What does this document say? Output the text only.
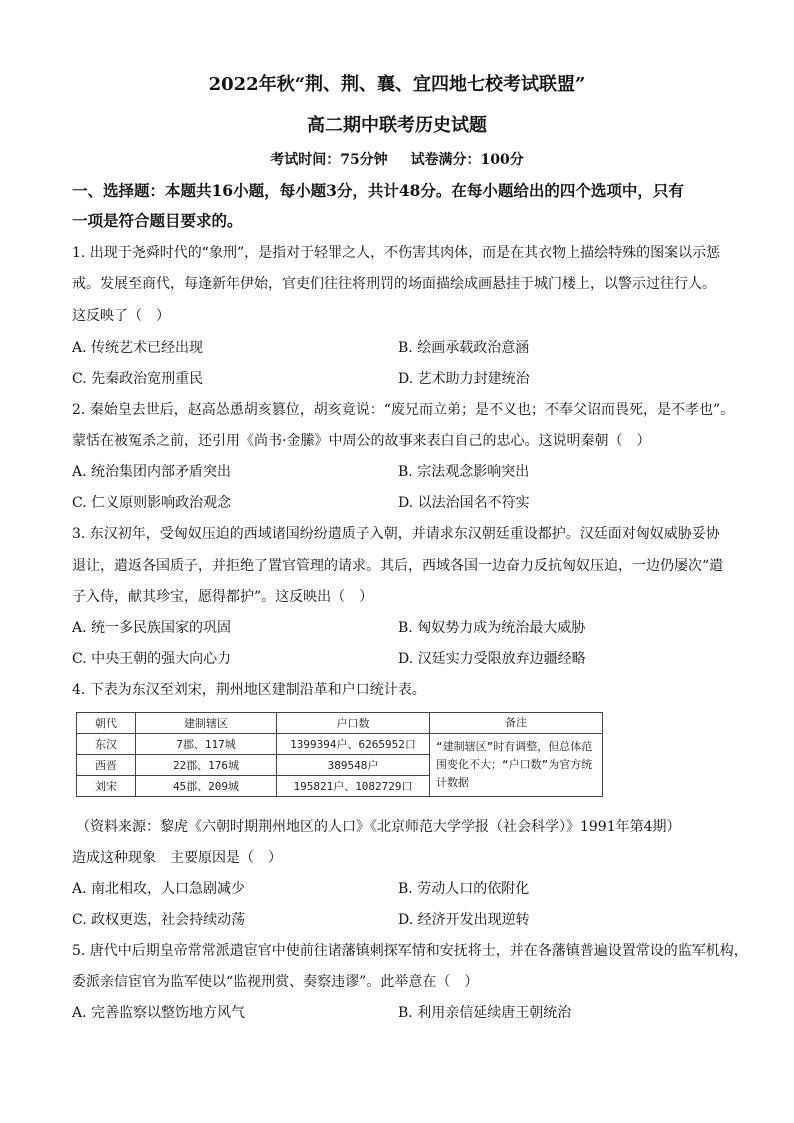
2022年秋“荆、荆、襄、宜四地七校考试联盟”
高二期中联考历史试题
考试时间：75分钟 试卷满分：100分
一、选择题：本题共16小题，每小题3分，共计48分。在每小题给出的四个选项中，只有
一项是符合题目要求的。
1. 出现于尧舜时代的“象刑”，是指对于轻罪之人，不伤害其肉体，而是在其衣物上描绘特殊的图案以示惩
戒。发展至商代，每逢新年伊始，官吏们往往将刑罚的场面描绘成画悬挂于城门楼上，以警示过往行人。
这反映了（　）
A. 传统艺术已经出现	B. 绘画承载政治意涵
C. 先秦政治宽刑重民	D. 艺术助力封建统治
2. 秦始皇去世后，赵高怂恿胡亥篡位，胡亥竟说：“废兄而立弟；是不义也；不奉父诏而畏死，是不孝也”。
蒙恬在被冤杀之前，还引用《尚书·金縢》中周公的故事来表白自己的忠心。这说明秦朝（　）
A. 统治集团内部矛盾突出	B. 宗法观念影响突出
C. 仁义原则影响政治观念	D. 以法治国名不符实
3. 东汉初年，受匈奴压迫的西域诸国纷纷遣质子入朝，并请求东汉朝廷重设都护。汉廷面对匈奴威胁妥协
退让，遣返各国质子，并拒绝了置官管理的请求。其后，西域各国一边奋力反抗匈奴压迫，一边仍屡次“遣
子入侍，献其珍宝，愿得都护”。这反映出（　）
A. 统一多民族国家的巩固	B. 匈奴势力成为统治最大威胁
C. 中央王朝的强大向心力	D. 汉廷实力受限放弃边疆经略
4. 下表为东汉至刘宋，荆州地区建制沿革和户口统计表。
朝代	建制辖区	户口数	备注
东汉	7郡、117城	1399394户、6265952口	“建制辖区”时有调整，但总体范围变化不大；“户口数”为官方统计数据
西晋	22郡、176城	389548户	
刘宋	45郡、209城	195821户、1082729口	
（资料来源：黎虎《六朝时期荆州地区的人口》《北京师范大学学报（社会科学）》1991年第4期）
造成这种现象　主要原因是（　）
A. 南北相攻，人口急剧减少	B. 劳动人口的依附化
C. 政权更迭，社会持续动荡	D. 经济开发出现逆转
5. 唐代中后期皇帝常常派遣宦官中使前往诸藩镇刺探军情和安抚将士，并在各藩镇普遍设置常设的监军机构，
委派亲信宦官为监军使以“监视刑赏、奏察违谬”。此举意在（　）
A. 完善监察以整饬地方风气	B. 利用亲信延续唐王朝统治
